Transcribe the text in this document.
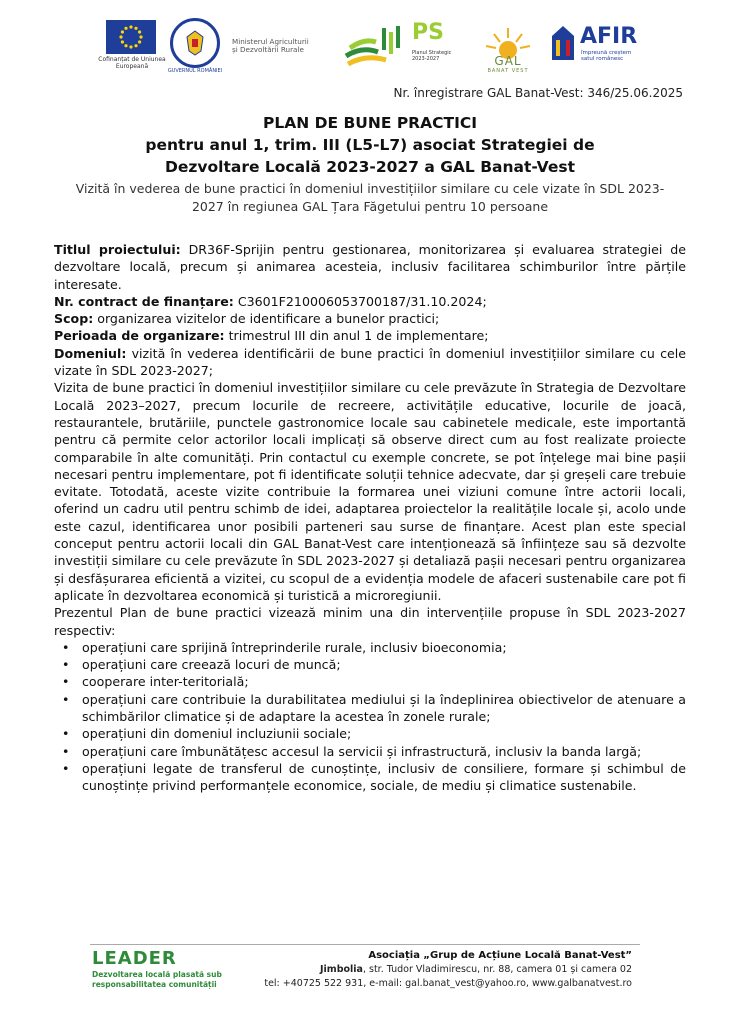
Cofinanțat de Uniunea Europeană
GUVERNUL ROMÂNIEI
Ministerul Agriculturii
și Dezvoltării Rurale
PS
Planul Strategic
2023-2027	GAL
BANAT VEST
AFIR
împreună creștem
satul românesc
Nr. înregistrare GAL Banat-Vest: 346/25.06.2025
PLAN DE BUNE PRACTICI
pentru anul 1, trim. III (L5-L7) asociat Strategiei de
Dezvoltare Locală 2023-2027 a GAL Banat-Vest
Vizită în vederea de bune practici în domeniul investițiilor similare cu cele vizate în SDL 2023-2027 în regiunea GAL Țara Făgetului pentru 10 persoane

Titlul proiectului: DR36F-Sprijin pentru gestionarea, monitorizarea și evaluarea strategiei de dezvoltare locală, precum și animarea acesteia, inclusiv facilitarea schimburilor între părțile interesate.

Nr. contract de finanțare: C3601F210006053700187/31.10.2024;

Scop: organizarea vizitelor de identificare a bunelor practici;

Perioada de organizare: trimestrul III din anul 1 de implementare;

Domeniul: vizită în vederea identificării de bune practici în domeniul investițiilor similare cu cele vizate în SDL 2023-2027;

Vizita de bune practici în domeniul investițiilor similare cu cele prevăzute în Strategia de Dezvoltare Locală 2023–2027, precum locurile de recreere, activitățile educative, locurile de joacă, restaurantele, brutăriile, punctele gastronomice locale sau cabinetele medicale, este importantă pentru că permite celor actorilor locali implicați să observe direct cum au fost realizate proiecte comparabile în alte comunități. Prin contactul cu exemple concrete, se pot înțelege mai bine pașii necesari pentru implementare, pot fi identificate soluții tehnice adecvate, dar și greșeli care trebuie evitate. Totodată, aceste vizite contribuie la formarea unei viziuni comune între actorii locali, oferind un cadru util pentru schimb de idei, adaptarea proiectelor la realitățile locale și, acolo unde este cazul, identificarea unor posibili parteneri sau surse de finanțare. Acest plan este special conceput pentru actorii locali din GAL Banat-Vest care intenționează să înființeze sau să dezvolte investiții similare cu cele prevăzute în SDL 2023-2027 și detaliază pașii necesari pentru organizarea și desfășurarea eficientă a vizitei, cu scopul de a evidenția modele de afaceri sustenabile care pot fi aplicate în dezvoltarea economică și turistică a microregiunii.

Prezentul Plan de bune practici vizează minim una din intervențiile propuse în SDL 2023-2027 respectiv:

• operațiuni care sprijină întreprinderile rurale, inclusiv bioeconomia;
• operațiuni care creează locuri de muncă;
• cooperare inter-teritorială;
• operațiuni care contribuie la durabilitatea mediului și la îndeplinirea obiectivelor de atenuare a schimbărilor climatice și de adaptare la acestea în zonele rurale;
• operațiuni din domeniul incluziunii sociale;
• operațiuni care îmbunătățesc accesul la servicii și infrastructură, inclusiv la banda largă;
• operațiuni legate de transferul de cunoștințe, inclusiv de consiliere, formare și schimbul de cunoștințe privind performanțele economice, sociale, de mediu și climatice sustenabile.
LEADER
Dezvoltarea locală plasată sub responsabilitatea comunității
Asociația „Grup de Acțiune Locală Banat-Vest”
Jimbolia, str. Tudor Vladimirescu, nr. 88, camera 01 și camera 02
tel: +40725 522 931, e-mail: gal.banat_vest@yahoo.ro, www.galbanatvest.ro
